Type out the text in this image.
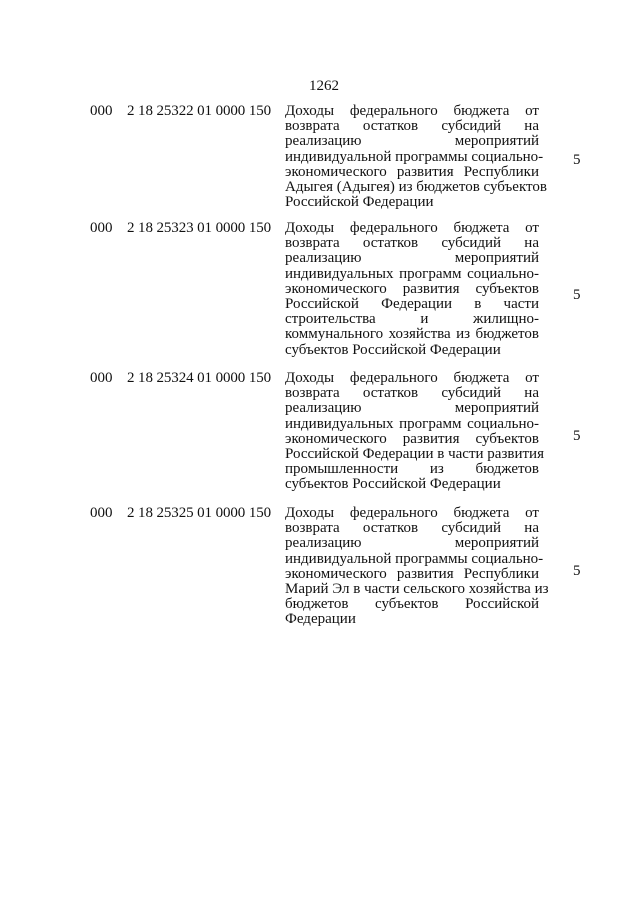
1262
000 2 18 25322 01 0000 150 Доходы федерального бюджета от
возврата остатков субсидий на
реализацию мероприятий
индивидуальной программы социально-
экономического развития Республики
Адыгея (Адыгея) из бюджетов субъектов
Российской Федерации
5
000 2 18 25323 01 0000 150 Доходы федерального бюджета от
возврата остатков субсидий на
реализацию мероприятий
индивидуальных программ социально-
экономического развития субъектов
Российской Федерации в части
строительства и жилищно-
коммунального хозяйства из бюджетов
субъектов Российской Федерации
5
000 2 18 25324 01 0000 150 Доходы федерального бюджета от
возврата остатков субсидий на
реализацию мероприятий
индивидуальных программ социально-
экономического развития субъектов
Российской Федерации в части развития
промышленности из бюджетов
субъектов Российской Федерации
5
000 2 18 25325 01 0000 150 Доходы федерального бюджета от
возврата остатков субсидий на
реализацию мероприятий
индивидуальной программы социально-
экономического развития Республики
Марий Эл в части сельского хозяйства из
бюджетов субъектов Российской
Федерации
5
